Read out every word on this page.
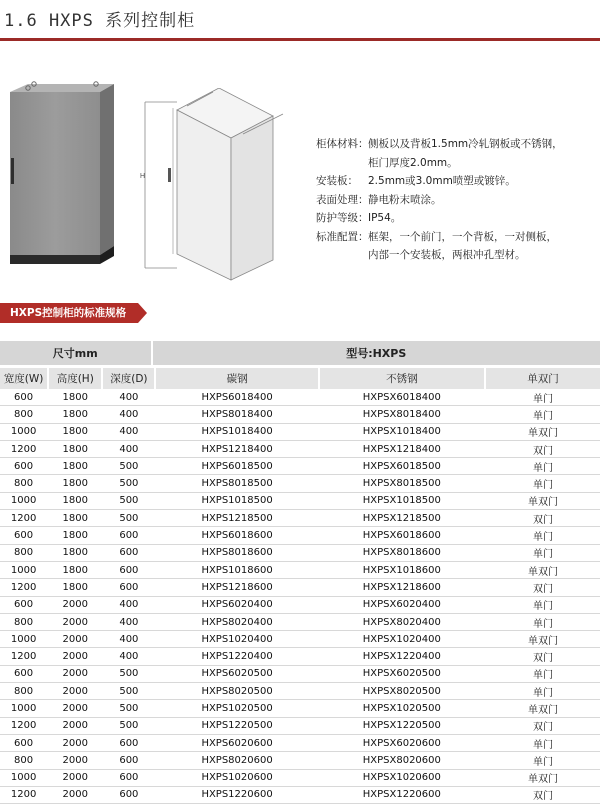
1.6 HXPS 系列控制柜
H
柜体材料： 侧板以及背板1.5mm冷轧钢板或不锈钢，
柜门厚度2.0mm。
安装板： 2.5mm或3.0mm喷塑或镀锌。
表面处理： 静电粉末喷涂。
防护等级： IP54。
标准配置： 框架，一个前门，一个背板，一对侧板，
内部一个安装板，两根冲孔型材。
HXPS控制柜的标准规格
尺寸mm	型号:HXPS
宽度(W)	高度(H)	深度(D)	碳钢	不锈钢	单双门
600	1800	400	HXPS6018400	HXPSX6018400	单门
800	1800	400	HXPS8018400	HXPSX8018400	单门
1000	1800	400	HXPS1018400	HXPSX1018400	单双门
1200	1800	400	HXPS1218400	HXPSX1218400	双门
600	1800	500	HXPS6018500	HXPSX6018500	单门
800	1800	500	HXPS8018500	HXPSX8018500	单门
1000	1800	500	HXPS1018500	HXPSX1018500	单双门
1200	1800	500	HXPS1218500	HXPSX1218500	双门
600	1800	600	HXPS6018600	HXPSX6018600	单门
800	1800	600	HXPS8018600	HXPSX8018600	单门
1000	1800	600	HXPS1018600	HXPSX1018600	单双门
1200	1800	600	HXPS1218600	HXPSX1218600	双门
600	2000	400	HXPS6020400	HXPSX6020400	单门
800	2000	400	HXPS8020400	HXPSX8020400	单门
1000	2000	400	HXPS1020400	HXPSX1020400	单双门
1200	2000	400	HXPS1220400	HXPSX1220400	双门
600	2000	500	HXPS6020500	HXPSX6020500	单门
800	2000	500	HXPS8020500	HXPSX8020500	单门
1000	2000	500	HXPS1020500	HXPSX1020500	单双门
1200	2000	500	HXPS1220500	HXPSX1220500	双门
600	2000	600	HXPS6020600	HXPSX6020600	单门
800	2000	600	HXPS8020600	HXPSX8020600	单门
1000	2000	600	HXPS1020600	HXPSX1020600	单双门
1200	2000	600	HXPS1220600	HXPSX1220600	双门
